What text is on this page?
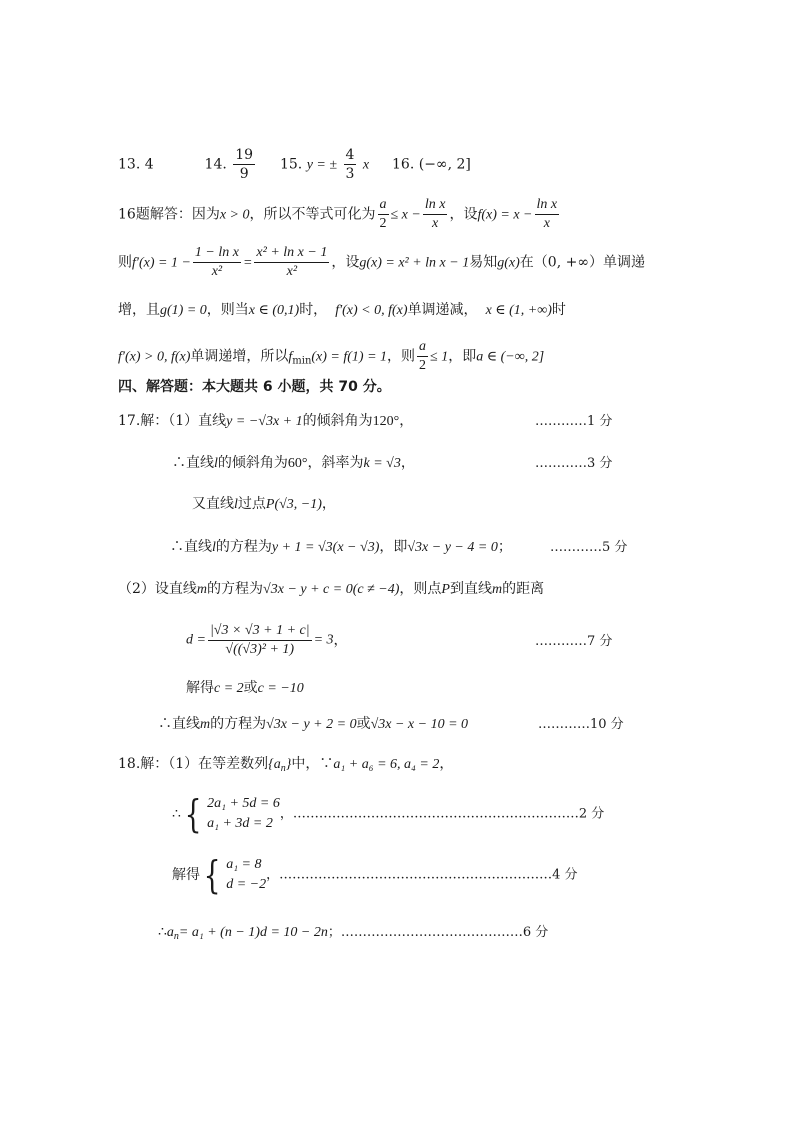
13. 4	14. $\frac{19}{9} 15$. y = ± $\frac{4}{3}$ x 16. (−∞, 2]
16题解答：因为x > 0，所以不等式可化为 $\frac{a}{2} \le x - \frac{\text{ln x}}{x}$ ，设$f(x) = x - \frac{\text{ln x}}{x}$
则$f'(x) = 1 - \frac{\text{1 − ln x}}{\text{x²}} = \frac{\text{x² + ln x − 1}}{\text{x²}}$ ，设g(x) = x² + ln x − 1易知g(x)在（0, +∞）单调递
增，且g(1) = 0，则当x ∈ (0,1)时， f′(x) < 0, f(x)单调递减， x ∈ (1, +∞)时
f′(x) > 0, f(x)单调递增，所以$f_{min}(x) = f(1) = 1$，则 $\frac{a}{2} \le 1$，即a ∈ (−∞, 2]
四、解答题：本大题共 6 小题，共 70 分。
17.解：（1）直线y = −√3x + 1的倾斜角为120°，	…………1 分
∴直线l的倾斜角为60°，斜率为k = √3，	…………3 分
又直线l过点P(√3, −1)，
∴直线l的方程为y + 1 = √3(x − √3)，即√3x − y − 4 = 0；	…………5 分
（2）设直线m的方程为√3x − y + c = 0(c ≠ −4)，则点P到直线m的距离
$d = \frac{|√3 \times √3 + 1 + c|}{\text{√((√3)² + 1)}} = 3$，	…………7 分
解得c = 2或c = −10
∴直线m的方程为√3x − y + 2 = 0或√3x − x − 10 = 0	…………10 分
18.解：（1）在等差数列$\{a_n\}$中，∵a₁ + a₆ = 6, a₄ = 2，
∴{ 2a₁ + 5d = 6
a₁ + 3d = 2
，…………………………………………………………2 分
解得{ a₁ = 8
d = −2
，………………………………………………………4 分
$\therefore a_n= a_1 + (n - 1)d = 10 - 2n$；……………………………………6 分
